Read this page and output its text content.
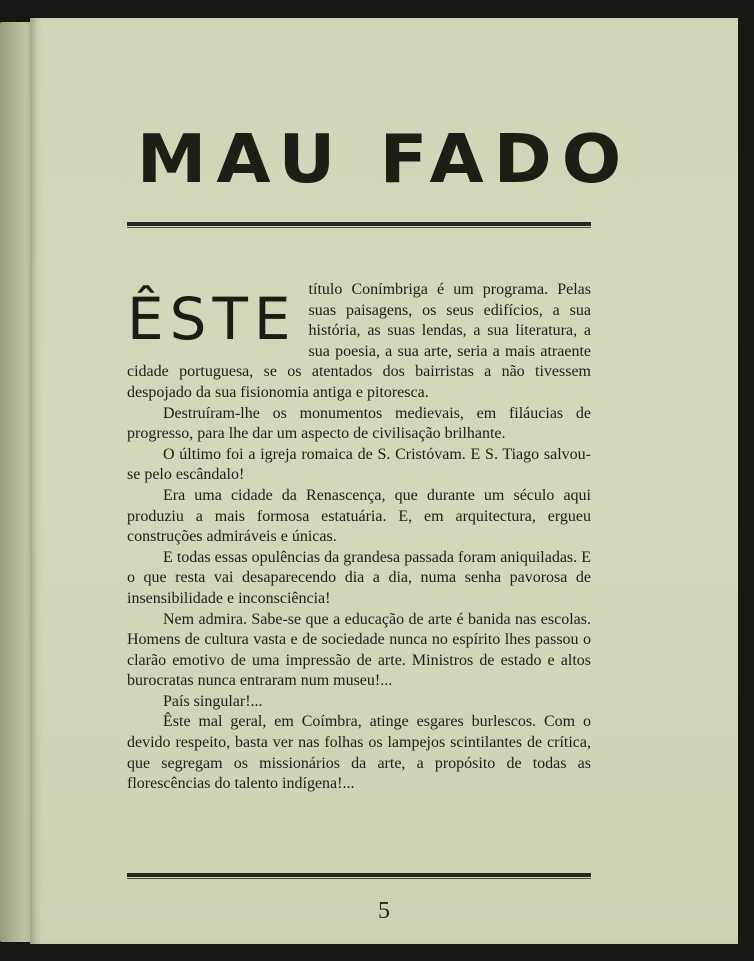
MAU FADO
ÊSTE título Conímbriga é um programa. Pelas suas paisagens, os seus edifícios, a sua história, as suas lendas, a sua literatura, a sua poesia, a sua arte, seria a mais atraente cidade portuguesa, se os atentados dos bairristas a não tivessem despojado da sua fisionomia antiga e pitoresca.

Destruíram-lhe os monumentos medievais, em filáucias de progresso, para lhe dar um aspecto de civilisação brilhante.

O último foi a igreja romaica de S. Cristóvam. E S. Tiago salvou-se pelo escândalo!

Era uma cidade da Renascença, que durante um século aqui produziu a mais formosa estatuária. E, em arquitectura, ergueu construções admiráveis e únicas.

E todas essas opulências da grandesa passada foram aniquiladas. E o que resta vai desaparecendo dia a dia, numa senha pavorosa de insensibilidade e inconsciência!

Nem admira. Sabe-se que a educação de arte é banida nas escolas. Homens de cultura vasta e de sociedade nunca no espírito lhes passou o clarão emotivo de uma impressão de arte. Ministros de estado e altos burocratas nunca entraram num museu!...

País singular!...

Êste mal geral, em Coímbra, atinge esgares burlescos. Com o devido respeito, basta ver nas folhas os lampejos scintilantes de crítica, que segregam os missionários da arte, a propósito de todas as florescências do talento indígena!...

5
